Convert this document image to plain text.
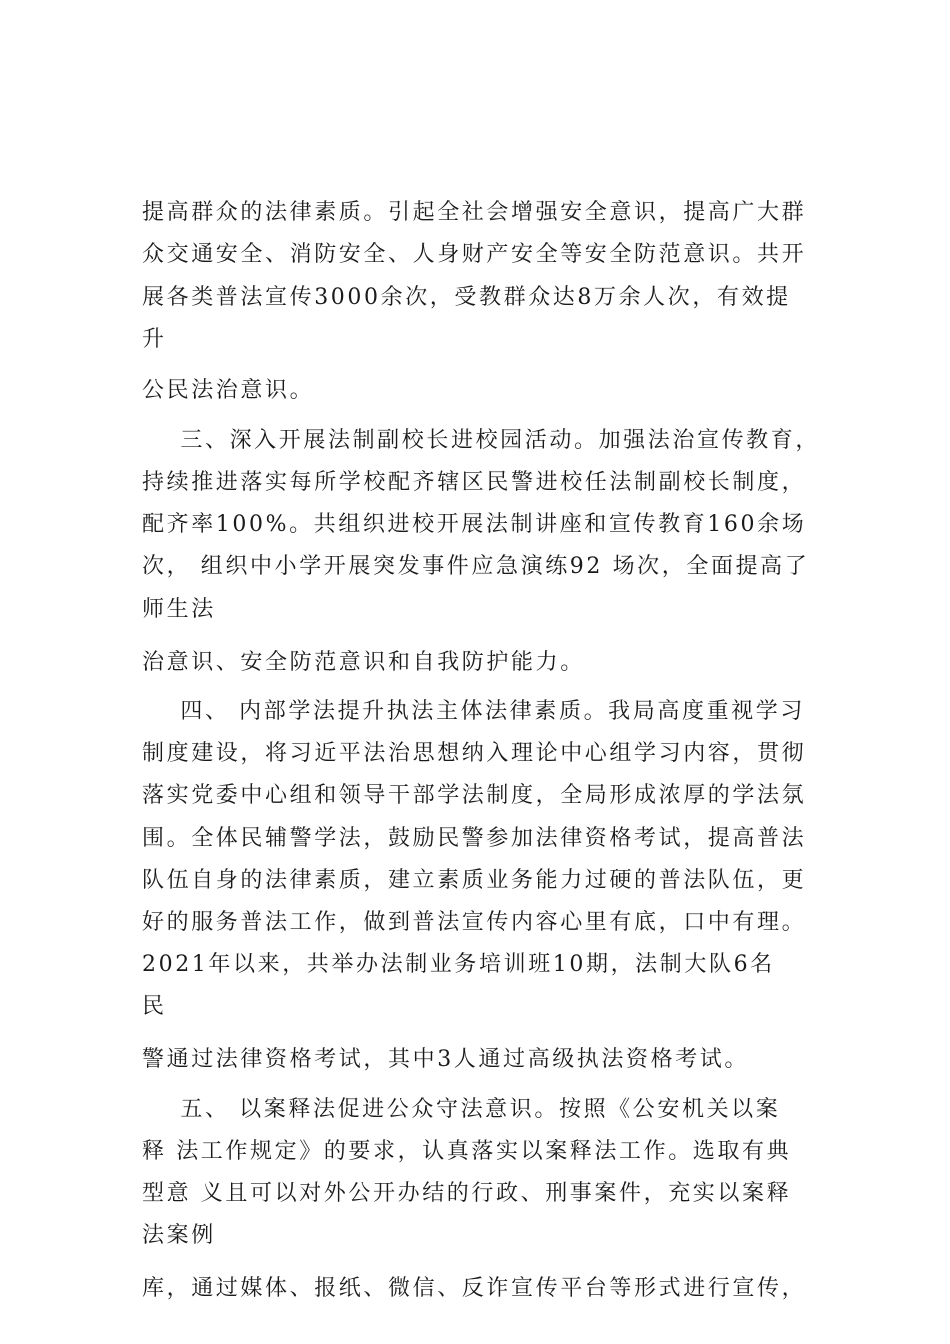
提高群众的法律素质。引起全社会增强安全意识，提高广大群

众交通安全、消防安全、人身财产安全等安全防范意识。共开

展各类普法宣传3000余次，受教群众达8万余人次，有效提

升

公民法治意识。

三、深入开展法制副校长进校园活动。加强法治宣传教育，

持续推进落实每所学校配齐辖区民警进校任法制副校长制度，

配齐率100%。共组织进校开展法制讲座和宣传教育160余场

次， 组织中小学开展突发事件应急演练92 场次，全面提高了

师生法

治意识、安全防范意识和自我防护能力。

四、 内部学法提升执法主体法律素质。我局高度重视学习

制度建设，将习近平法治思想纳入理论中心组学习内容，贯彻

落实党委中心组和领导干部学法制度，全局形成浓厚的学法氛

围。全体民辅警学法，鼓励民警参加法律资格考试，提高普法

队伍自身的法律素质，建立素质业务能力过硬的普法队伍，更

好的服务普法工作，做到普法宣传内容心里有底，口中有理。

2021年以来，共举办法制业务培训班10期，法制大队6名

民

警通过法律资格考试，其中3人通过高级执法资格考试。

五、 以案释法促进公众守法意识。按照《公安机关以案

释 法工作规定》的要求，认真落实以案释法工作。选取有典

型意 义且可以对外公开办结的行政、刑事案件，充实以案释

法案例

库，通过媒体、报纸、微信、反诈宣传平台等形式进行宣传，
